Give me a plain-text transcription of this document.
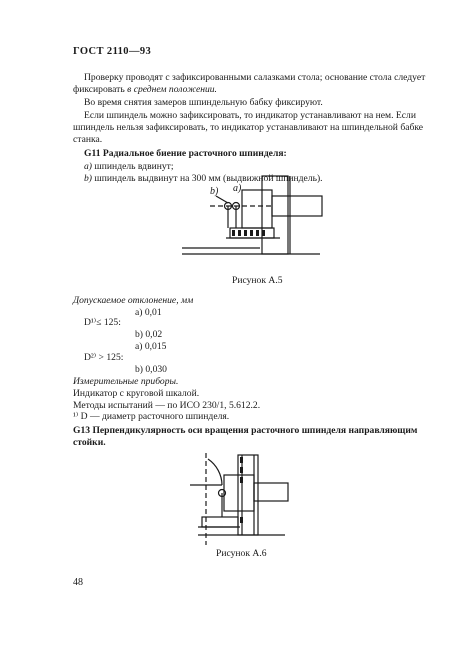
ГОСТ 2110—93
Проверку проводят с зафиксированными салазками стола; основание стола следует
фиксировать в среднем положении.
Во время снятия замеров шпиндельную бабку фиксируют.
Если шпиндель можно зафиксировать, то индикатор устанавливают на нем. Если
шпиндель нельзя зафиксировать, то индикатор устанавливают на шпиндельной бабке
станка.
G11 Радиальное биение расточного шпинделя:
a) шпиндель вдвинут;
b) шпиндель выдвинут на 300 мм (выдвижной шпиндель).
b) a)
Рисунок А.5
Допускаемое отклонение, мм
a) 0,01
D¹⁾≤ 125:
b) 0,02
a) 0,015
D²⁾ > 125:
b) 0,030
Измерительные приборы.
Индикатор с круговой шкалой.
Методы испытаний — по ИСО 230/1, 5.612.2.
¹⁾ D — диаметр расточного шпинделя.
G13 Перпендикулярность оси вращения расточного шпинделя направляющим
стойки.
Рисунок А.6
48
